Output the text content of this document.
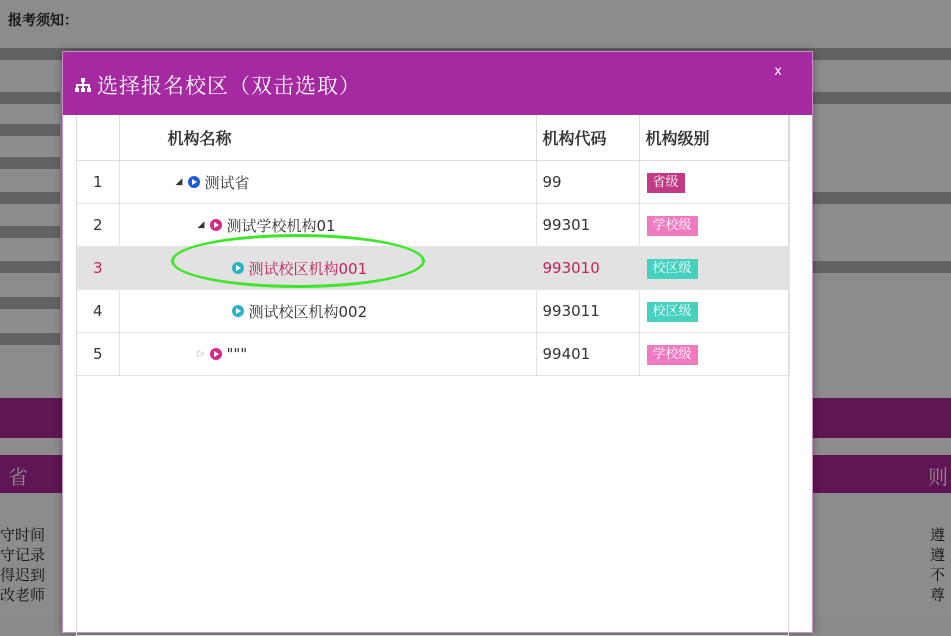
报考须知：
省	则
守时间
守记录
得迟到
改老师
遵
遵
不
尊
选择报名校区（双击选取）
x
	机构名称	机构代码	机构级别	
1	◢ 测试省	99	省级	
2	◢ 测试学校机构01	99301	学校级	
3	测试校区机构001	993010	校区级	
4	测试校区机构002	993011	校区级	
5	▷ """	99401	学校级	
